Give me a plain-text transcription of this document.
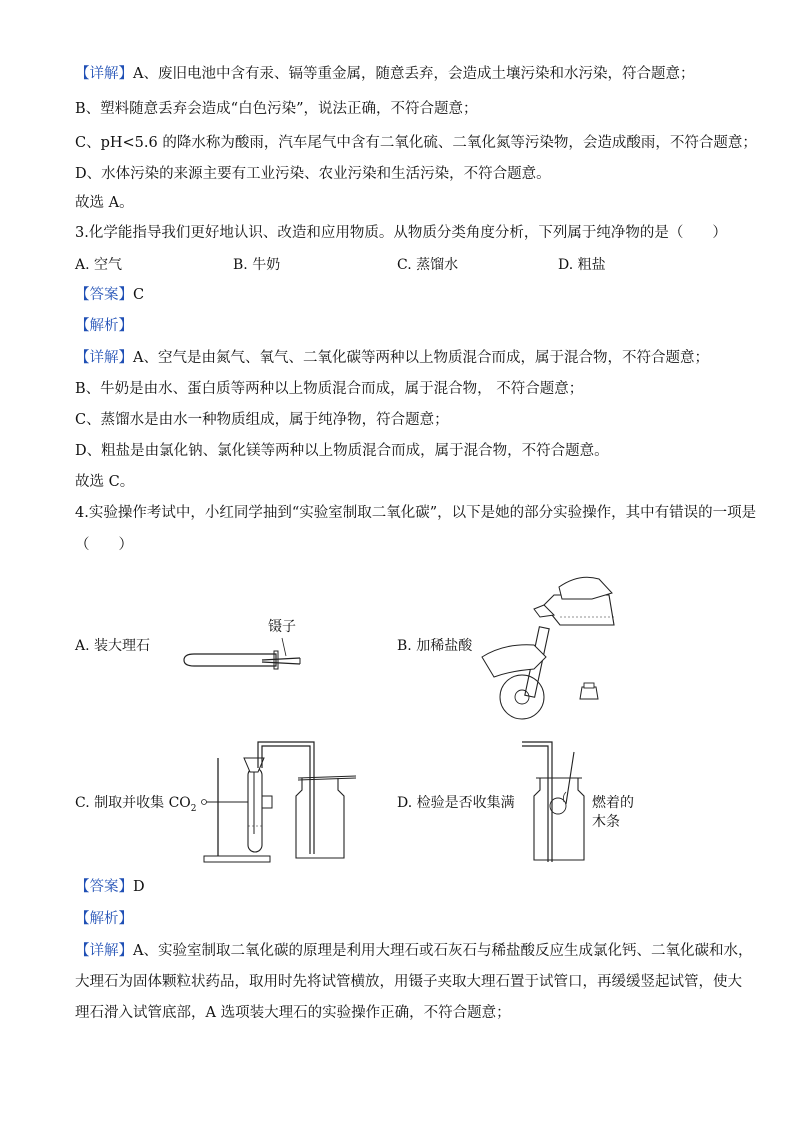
【详解】A、废旧电池中含有汞、镉等重金属，随意丢弃，会造成土壤污染和水污染，符合题意；
B、塑料随意丢弃会造成“白色污染”，说法正确，不符合题意；
C、pH<5.6 的降水称为酸雨，汽车尾气中含有二氧化硫、二氧化氮等污染物，会造成酸雨，不符合题意；
D、水体污染的来源主要有工业污染、农业污染和生活污染，不符合题意。
故选 A。
3.化学能指导我们更好地认识、改造和应用物质。从物质分类角度分析，下列属于纯净物的是（　　）
A. 空气	B. 牛奶	C. 蒸馏水	D. 粗盐
【答案】C
【解析】
【详解】A、空气是由氮气、氧气、二氧化碳等两种以上物质混合而成，属于混合物，不符合题意；
B、牛奶是由水、蛋白质等两种以上物质混合而成，属于混合物， 不符合题意；
C、蒸馏水是由水一种物质组成，属于纯净物，符合题意；
D、粗盐是由氯化钠、氯化镁等两种以上物质混合而成，属于混合物，不符合题意。
故选 C。
4.实验操作考试中，小红同学抽到“实验室制取二氧化碳”，以下是她的部分实验操作，其中有错误的一项是
（　　）
A. 装大理石
镊子
B. 加稀盐酸
C. 制取并收集 $CO_2$	D. 检验是否收集满	燃着的
木条
【答案】D
【解析】
【详解】A、实验室制取二氧化碳的原理是利用大理石或石灰石与稀盐酸反应生成氯化钙、二氧化碳和水，
大理石为固体颗粒状药品，取用时先将试管横放，用镊子夹取大理石置于试管口，再缓缓竖起试管，使大
理石滑入试管底部，A 选项装大理石的实验操作正确，不符合题意；
